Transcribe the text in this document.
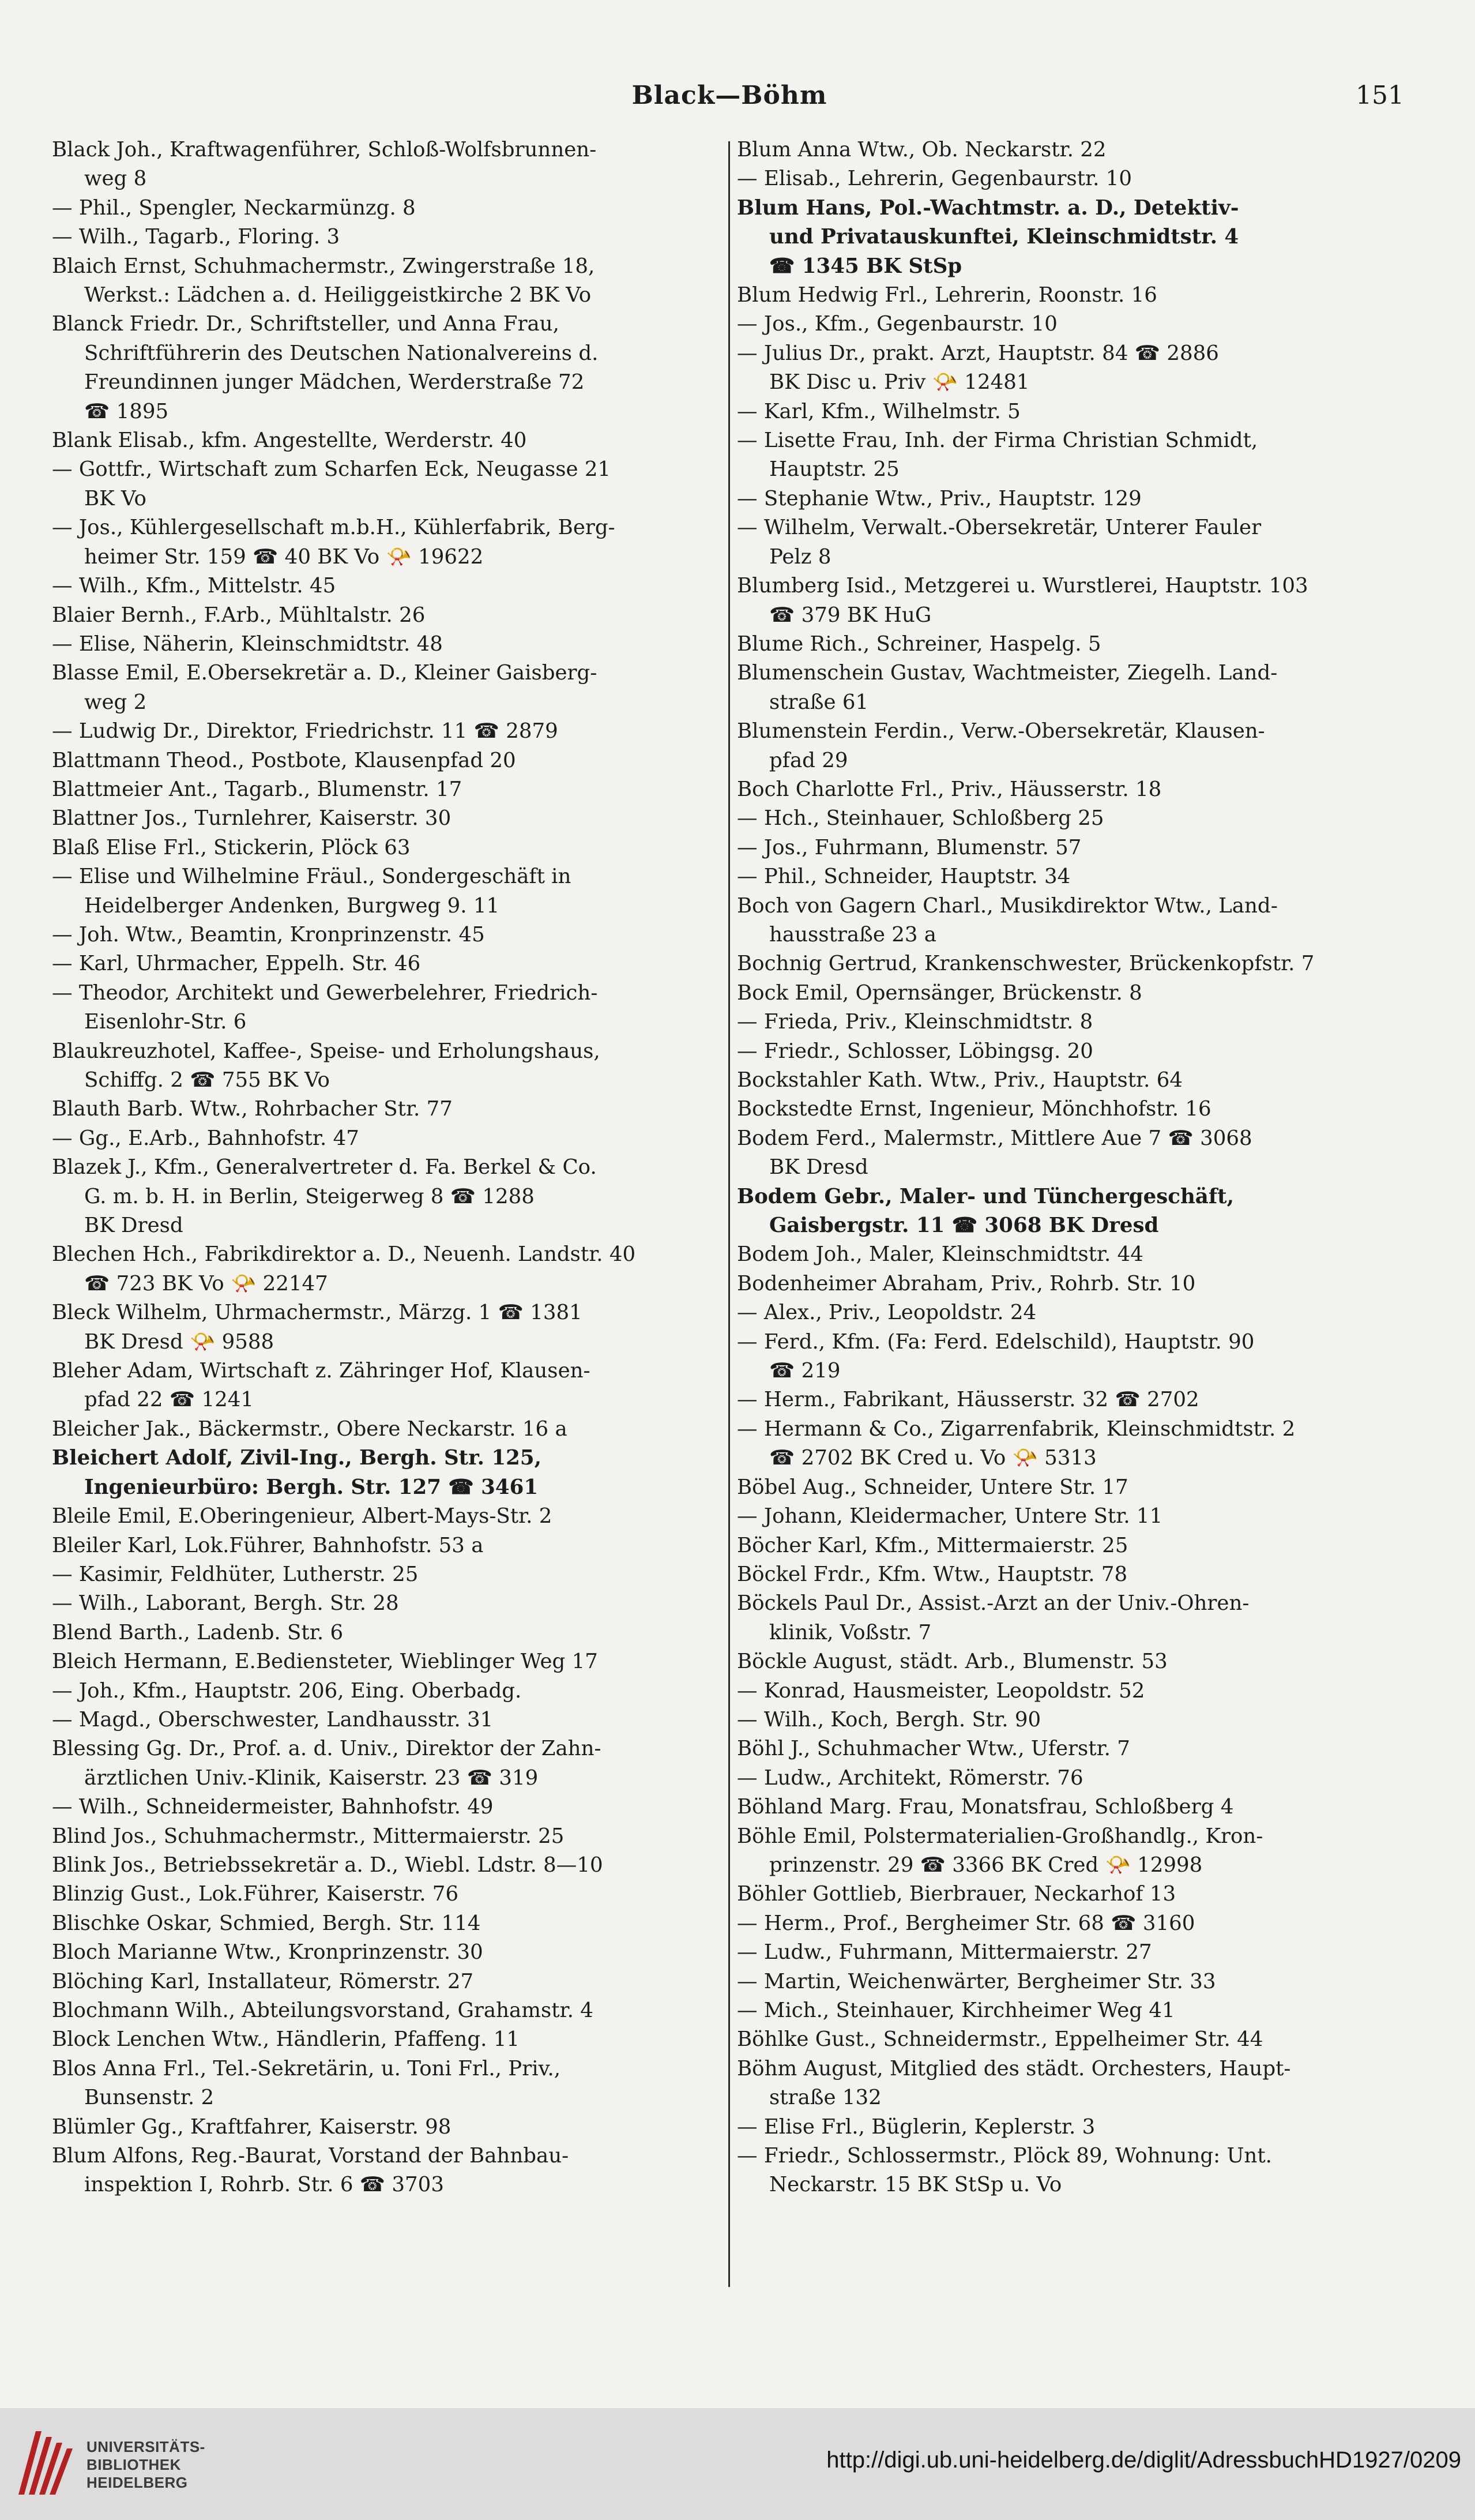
Black—Böhm	151
Black Joh., Kraftwagenführer, Schloß-Wolfsbrunnen-
weg 8
— Phil., Spengler, Neckarmünzg. 8
— Wilh., Tagarb., Floring. 3
Blaich Ernst, Schuhmachermstr., Zwingerstraße 18,
Werkst.: Lädchen a. d. Heiliggeistkirche 2 BK Vo
Blanck Friedr. Dr., Schriftsteller, und Anna Frau,
Schriftführerin des Deutschen Nationalvereins d.
Freundinnen junger Mädchen, Werderstraße 72
☎ 1895
Blank Elisab., kfm. Angestellte, Werderstr. 40
— Gottfr., Wirtschaft zum Scharfen Eck, Neugasse 21
BK Vo
— Jos., Kühlergesellschaft m.b.H., Kühlerfabrik, Berg-
heimer Str. 159 ☎ 40 BK Vo 📯 19622
— Wilh., Kfm., Mittelstr. 45
Blaier Bernh., F.Arb., Mühltalstr. 26
— Elise, Näherin, Kleinschmidtstr. 48
Blasse Emil, E.Obersekretär a. D., Kleiner Gaisberg-
weg 2
— Ludwig Dr., Direktor, Friedrichstr. 11 ☎ 2879
Blattmann Theod., Postbote, Klausenpfad 20
Blattmeier Ant., Tagarb., Blumenstr. 17
Blattner Jos., Turnlehrer, Kaiserstr. 30
Blaß Elise Frl., Stickerin, Plöck 63
— Elise und Wilhelmine Fräul., Sondergeschäft in
Heidelberger Andenken, Burgweg 9. 11
— Joh. Wtw., Beamtin, Kronprinzenstr. 45
— Karl, Uhrmacher, Eppelh. Str. 46
— Theodor, Architekt und Gewerbelehrer, Friedrich-
Eisenlohr-Str. 6
Blaukreuzhotel, Kaffee-, Speise- und Erholungshaus,
Schiffg. 2 ☎ 755 BK Vo
Blauth Barb. Wtw., Rohrbacher Str. 77
— Gg., E.Arb., Bahnhofstr. 47
Blazek J., Kfm., Generalvertreter d. Fa. Berkel & Co.
G. m. b. H. in Berlin, Steigerweg 8 ☎ 1288
BK Dresd
Blechen Hch., Fabrikdirektor a. D., Neuenh. Landstr. 40
☎ 723 BK Vo 📯 22147
Bleck Wilhelm, Uhrmachermstr., Märzg. 1 ☎ 1381
BK Dresd 📯 9588
Bleher Adam, Wirtschaft z. Zähringer Hof, Klausen-
pfad 22 ☎ 1241
Bleicher Jak., Bäckermstr., Obere Neckarstr. 16 a
Bleichert Adolf, Zivil-Ing., Bergh. Str. 125,
Ingenieurbüro: Bergh. Str. 127 ☎ 3461
Bleile Emil, E.Oberingenieur, Albert-Mays-Str. 2
Bleiler Karl, Lok.Führer, Bahnhofstr. 53 a
— Kasimir, Feldhüter, Lutherstr. 25
— Wilh., Laborant, Bergh. Str. 28
Blend Barth., Ladenb. Str. 6
Bleich Hermann, E.Bediensteter, Wieblinger Weg 17
— Joh., Kfm., Hauptstr. 206, Eing. Oberbadg.
— Magd., Oberschwester, Landhausstr. 31
Blessing Gg. Dr., Prof. a. d. Univ., Direktor der Zahn-
ärztlichen Univ.-Klinik, Kaiserstr. 23 ☎ 319
— Wilh., Schneidermeister, Bahnhofstr. 49
Blind Jos., Schuhmachermstr., Mittermaierstr. 25
Blink Jos., Betriebssekretär a. D., Wiebl. Ldstr. 8—10
Blinzig Gust., Lok.Führer, Kaiserstr. 76
Blischke Oskar, Schmied, Bergh. Str. 114
Bloch Marianne Wtw., Kronprinzenstr. 30
Blöching Karl, Installateur, Römerstr. 27
Blochmann Wilh., Abteilungsvorstand, Grahamstr. 4
Block Lenchen Wtw., Händlerin, Pfaffeng. 11
Blos Anna Frl., Tel.-Sekretärin, u. Toni Frl., Priv.,
Bunsenstr. 2
Blümler Gg., Kraftfahrer, Kaiserstr. 98
Blum Alfons, Reg.-Baurat, Vorstand der Bahnbau-
inspektion I, Rohrb. Str. 6 ☎ 3703
Blum Anna Wtw., Ob. Neckarstr. 22
— Elisab., Lehrerin, Gegenbaurstr. 10
Blum Hans, Pol.-Wachtmstr. a. D., Detektiv-
und Privatauskunftei, Kleinschmidtstr. 4
☎ 1345 BK StSp
Blum Hedwig Frl., Lehrerin, Roonstr. 16
— Jos., Kfm., Gegenbaurstr. 10
— Julius Dr., prakt. Arzt, Hauptstr. 84 ☎ 2886
BK Disc u. Priv 📯 12481
— Karl, Kfm., Wilhelmstr. 5
— Lisette Frau, Inh. der Firma Christian Schmidt,
Hauptstr. 25
— Stephanie Wtw., Priv., Hauptstr. 129
— Wilhelm, Verwalt.-Obersekretär, Unterer Fauler
Pelz 8
Blumberg Isid., Metzgerei u. Wurstlerei, Hauptstr. 103
☎ 379 BK HuG
Blume Rich., Schreiner, Haspelg. 5
Blumenschein Gustav, Wachtmeister, Ziegelh. Land-
straße 61
Blumenstein Ferdin., Verw.-Obersekretär, Klausen-
pfad 29
Boch Charlotte Frl., Priv., Häusserstr. 18
— Hch., Steinhauer, Schloßberg 25
— Jos., Fuhrmann, Blumenstr. 57
— Phil., Schneider, Hauptstr. 34
Boch von Gagern Charl., Musikdirektor Wtw., Land-
hausstraße 23 a
Bochnig Gertrud, Krankenschwester, Brückenkopfstr. 7
Bock Emil, Opernsänger, Brückenstr. 8
— Frieda, Priv., Kleinschmidtstr. 8
— Friedr., Schlosser, Löbingsg. 20
Bockstahler Kath. Wtw., Priv., Hauptstr. 64
Bockstedte Ernst, Ingenieur, Mönchhofstr. 16
Bodem Ferd., Malermstr., Mittlere Aue 7 ☎ 3068
BK Dresd
Bodem Gebr., Maler- und Tünchergeschäft,
Gaisbergstr. 11 ☎ 3068 BK Dresd
Bodem Joh., Maler, Kleinschmidtstr. 44
Bodenheimer Abraham, Priv., Rohrb. Str. 10
— Alex., Priv., Leopoldstr. 24
— Ferd., Kfm. (Fa: Ferd. Edelschild), Hauptstr. 90
☎ 219
— Herm., Fabrikant, Häusserstr. 32 ☎ 2702
— Hermann & Co., Zigarrenfabrik, Kleinschmidtstr. 2
☎ 2702 BK Cred u. Vo 📯 5313
Böbel Aug., Schneider, Untere Str. 17
— Johann, Kleidermacher, Untere Str. 11
Böcher Karl, Kfm., Mittermaierstr. 25
Böckel Frdr., Kfm. Wtw., Hauptstr. 78
Böckels Paul Dr., Assist.-Arzt an der Univ.-Ohren-
klinik, Voßstr. 7
Böckle August, städt. Arb., Blumenstr. 53
— Konrad, Hausmeister, Leopoldstr. 52
— Wilh., Koch, Bergh. Str. 90
Böhl J., Schuhmacher Wtw., Uferstr. 7
— Ludw., Architekt, Römerstr. 76
Böhland Marg. Frau, Monatsfrau, Schloßberg 4
Böhle Emil, Polstermaterialien-Großhandlg., Kron-
prinzenstr. 29 ☎ 3366 BK Cred 📯 12998
Böhler Gottlieb, Bierbrauer, Neckarhof 13
— Herm., Prof., Bergheimer Str. 68 ☎ 3160
— Ludw., Fuhrmann, Mittermaierstr. 27
— Martin, Weichenwärter, Bergheimer Str. 33
— Mich., Steinhauer, Kirchheimer Weg 41
Böhlke Gust., Schneidermstr., Eppelheimer Str. 44
Böhm August, Mitglied des städt. Orchesters, Haupt-
straße 132
— Elise Frl., Büglerin, Keplerstr. 3
— Friedr., Schlossermstr., Plöck 89, Wohnung: Unt.
Neckarstr. 15 BK StSp u. Vo
UNIVERSITÄTS-
BIBLIOTHEK
HEIDELBERG
http://digi.ub.uni-heidelberg.de/diglit/AdressbuchHD1927/0209
